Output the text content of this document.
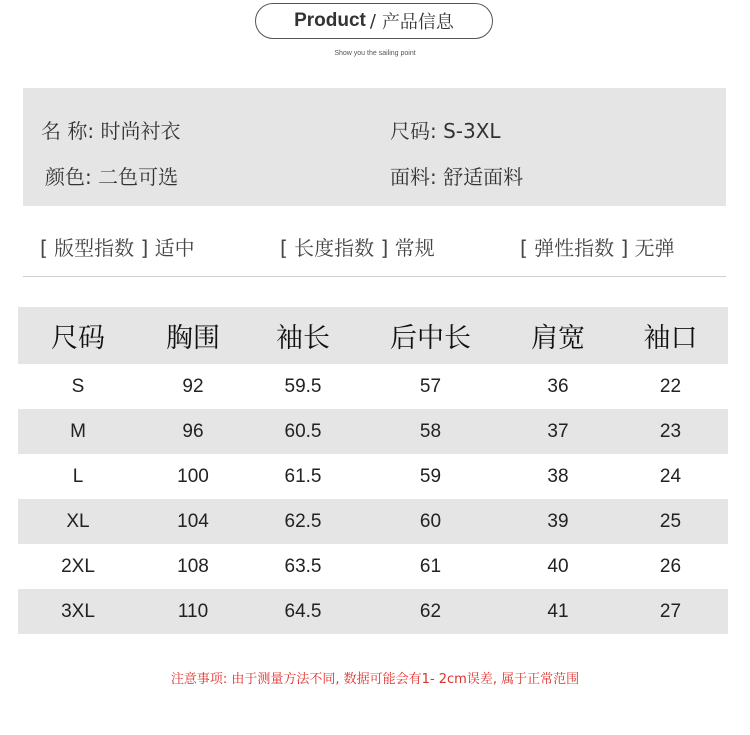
Product / 产品信息
Show you the sailing point
名 称: 时尚衬衣	尺码: S-3XL
颜色: 二色可选	面料: 舒适面料
[ 版型指数 ] 适中	[ 长度指数 ] 常规	[ 弹性指数 ] 无弹
尺码	胸围	袖长	后中长	肩宽	袖口
S	92	59.5	57	36	22
M	96	60.5	58	37	23
L	100	61.5	59	38	24
XL	104	62.5	60	39	25
2XL	108	63.5	61	40	26
3XL	110	64.5	62	41	27
注意事项: 由于测量方法不同, 数据可能会有1- 2cm误差, 属于正常范围
